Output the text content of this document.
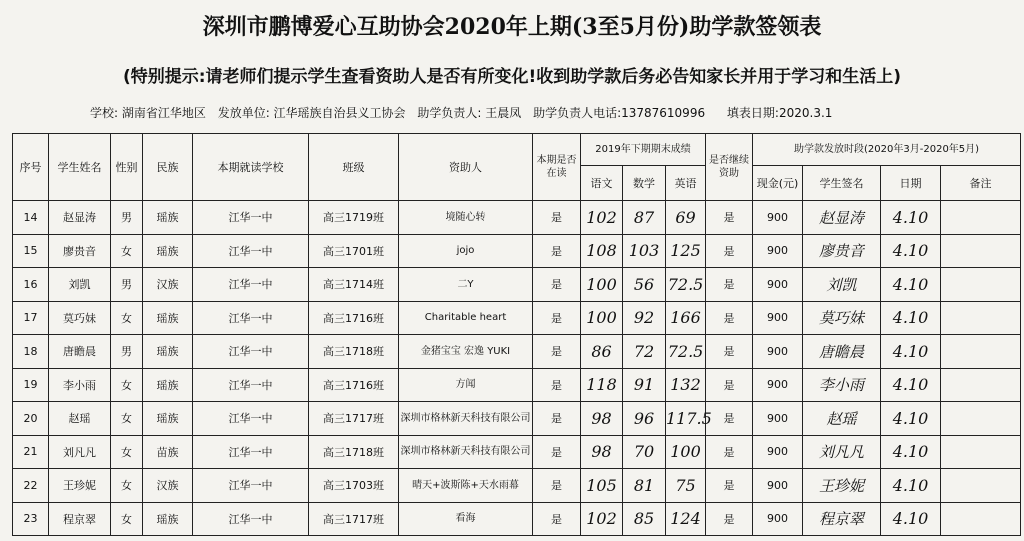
深圳市鹏博爱心互助协会2020年上期(3至5月份)助学款签领表
(特别提示:请老师们提示学生查看资助人是否有所变化!收到助学款后务必告知家长并用于学习和生活上)
学校: 湖南省江华地区 发放单位: 江华瑶族自治县义工协会 助学负责人: 王晨凤 助学负责人电话:13787610996 填表日期:2020.3.1
序号	学生姓名	性别	民族	本期就读学校	班级	资助人	本期是否在读	2019年下期期末成绩			是否继续资助	助学款发放时段(2020年3月-2020年5月)			
								语文	数学	英语		现金(元)	学生签名	日期	备注
14	赵显涛	男	瑶族	江华一中	高三1719班	境随心转	是	102	87	69	是	900	赵显涛	4.10	
15	廖贵音	女	瑶族	江华一中	高三1701班	jojo	是	108	103	125	是	900	廖贵音	4.10	
16	刘凯	男	汉族	江华一中	高三1714班	二Y	是	100	56	72.5	是	900	刘凯	4.10	
17	莫巧妹	女	瑶族	江华一中	高三1716班	Charitable heart	是	100	92	166	是	900	莫巧妹	4.10	
18	唐瞻晨	男	瑶族	江华一中	高三1718班	金猪宝宝 宏逸 YUKI	是	86	72	72.5	是	900	唐瞻晨	4.10	
19	李小雨	女	瑶族	江华一中	高三1716班	方闻	是	118	91	132	是	900	李小雨	4.10	
20	赵瑶	女	瑶族	江华一中	高三1717班	深圳市格林新天科技有限公司	是	98	96	117.5	是	900	赵瑶	4.10	
21	刘凡凡	女	苗族	江华一中	高三1718班	深圳市格林新天科技有限公司	是	98	70	100	是	900	刘凡凡	4.10	
22	王珍妮	女	汉族	江华一中	高三1703班	晴天+波斯陈+天水雨幕	是	105	81	75	是	900	王珍妮	4.10	
23	程京翠	女	瑶族	江华一中	高三1717班	看海	是	102	85	124	是	900	程京翠	4.10	
